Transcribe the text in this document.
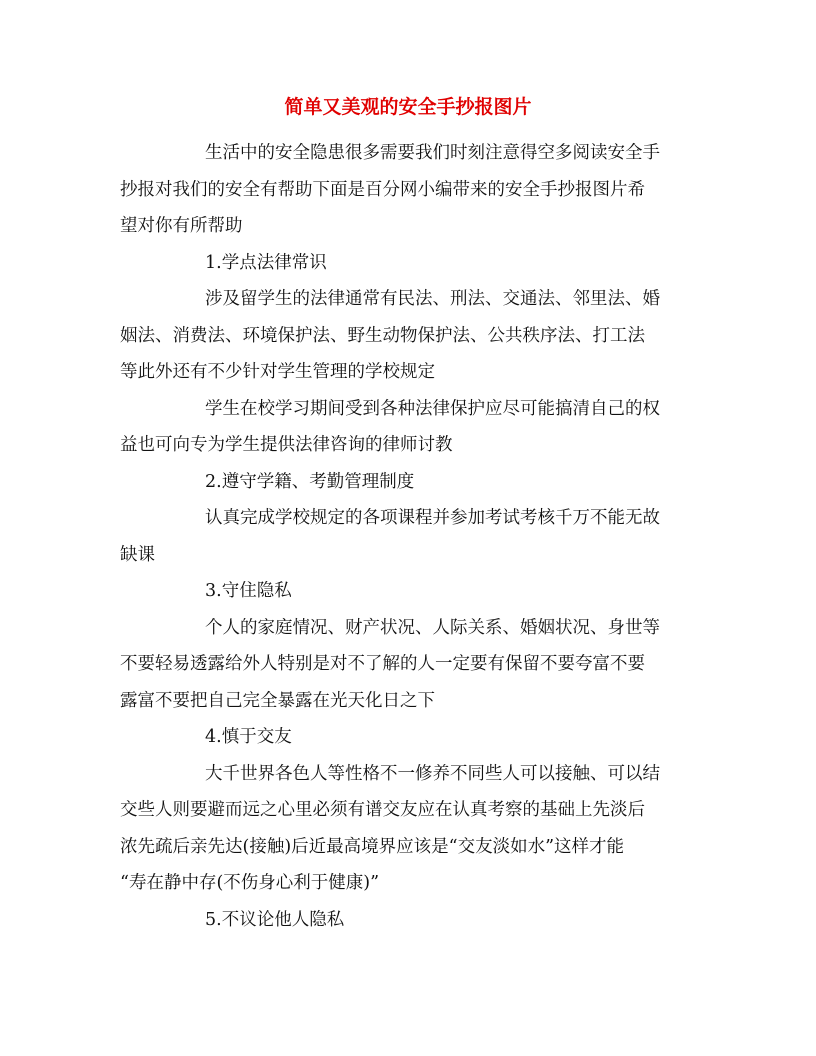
简单又美观的安全手抄报图片
生活中的安全隐患很多需要我们时刻注意得空多阅读安全手
抄报对我们的安全有帮助下面是百分网小编带来的安全手抄报图片希
望对你有所帮助
1.学点法律常识
涉及留学生的法律通常有民法、刑法、交通法、邻里法、婚
姻法、消费法、环境保护法、野生动物保护法、公共秩序法、打工法
等此外还有不少针对学生管理的学校规定
学生在校学习期间受到各种法律保护应尽可能搞清自己的权
益也可向专为学生提供法律咨询的律师讨教
2.遵守学籍、考勤管理制度
认真完成学校规定的各项课程并参加考试考核千万不能无故
缺课
3.守住隐私
个人的家庭情况、财产状况、人际关系、婚姻状况、身世等
不要轻易透露给外人特别是对不了解的人一定要有保留不要夸富不要
露富不要把自己完全暴露在光天化日之下
4.慎于交友
大千世界各色人等性格不一修养不同些人可以接触、可以结
交些人则要避而远之心里必须有谱交友应在认真考察的基础上先淡后
浓先疏后亲先达(接触)后近最高境界应该是“交友淡如水”这样才能
“寿在静中存(不伤身心利于健康)”
5.不议论他人隐私
